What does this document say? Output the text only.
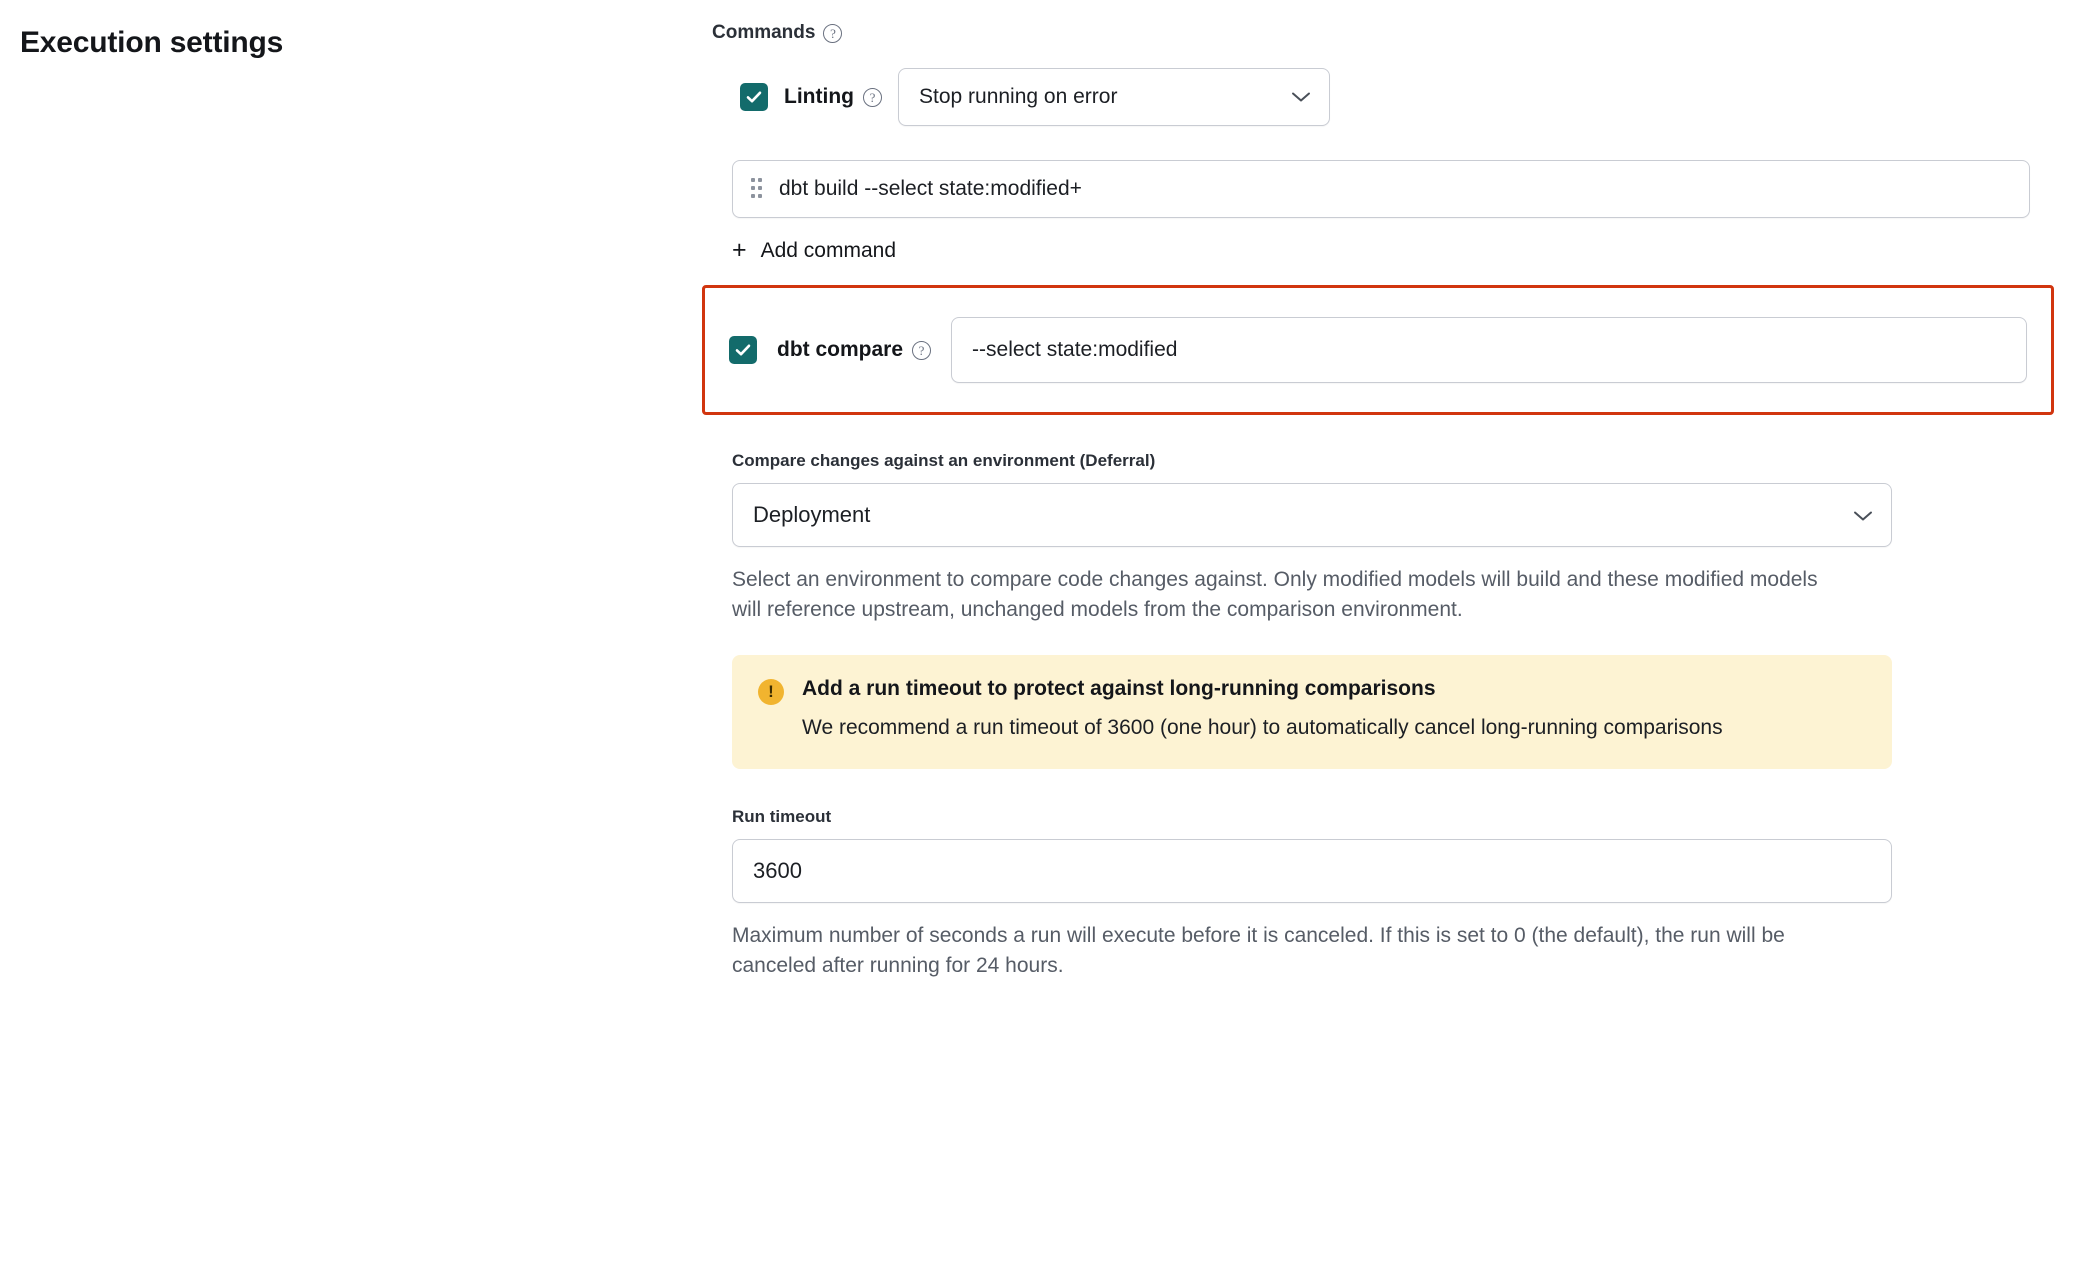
Execution settings	Commands	?
Linting	?	Stop running on error
dbt build --select state:modified+
+ Add command
dbt compare	?	--select state:modified
Compare changes against an environment (Deferral)
Deployment
Select an environment to compare code changes against. Only modified models will build and these modified models will reference upstream, unchanged models from the comparison environment.
!	Add a run timeout to protect against long-running comparisons
We recommend a run timeout of 3600 (one hour) to automatically cancel long-running comparisons
Run timeout
3600
Maximum number of seconds a run will execute before it is canceled. If this is set to 0 (the default), the run will be canceled after running for 24 hours.
